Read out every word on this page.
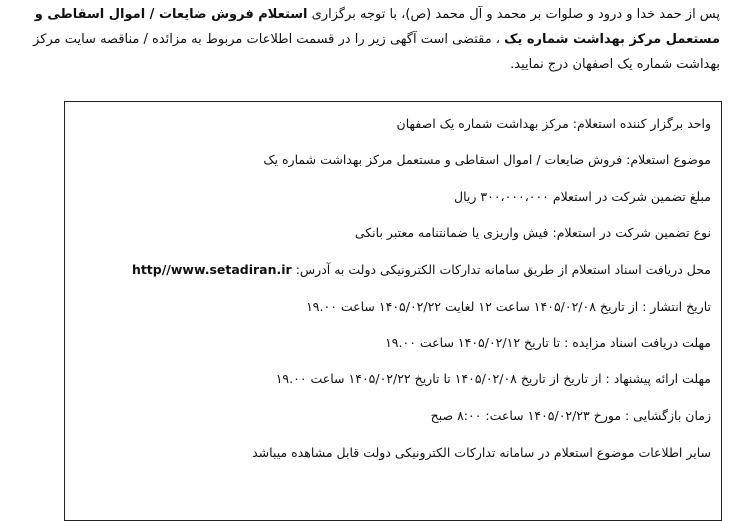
پس از حمد خدا و درود و صلوات بر محمد و آل محمد (ص)، با توجه برگزاری استعلام فروش ضایعات / اموال اسقاطی و
مستعمل مرکز بهداشت شماره یک ، مقتضی است آگهی زیر را در قسمت اطلاعات مربوط به مزائده / مناقصه سایت مرکز
بهداشت شماره یک اصفهان درج نمایید.
واحد برگزار کننده استعلام: مرکز بهداشت شماره یک اصفهان
موضوع استعلام: فروش ضایعات / اموال اسقاطی و مستعمل مرکز بهداشت شماره یک
مبلغ تضمین شرکت در استعلام ۳۰۰،۰۰۰،۰۰۰ ریال
نوع تضمین شرکت در استعلام: فیش واریزی یا ضمانتنامه معتبر بانکی
محل دریافت اسناد استعلام از طریق سامانه تدارکات الکترونیکی دولت به آدرس: http//www.setadiran.ir
تاریخ انتشار : از تاریخ ۱۴۰۵/۰۲/۰۸ ساعت ۱۲ لغایت ۱۴۰۵/۰۲/۲۲ ساعت ۱۹.۰۰
مهلت دریافت اسناد مزایده : تا تاریخ ۱۴۰۵/۰۲/۱۲ ساعت ۱۹.۰۰
مهلت ارائه پیشنهاد : از تاریخ از تاریخ ۱۴۰۵/۰۲/۰۸ تا تاریخ ۱۴۰۵/۰۲/۲۲ ساعت ۱۹.۰۰
زمان بازگشایی : مورخ ۱۴۰۵/۰۲/۲۳ ساعت: ۸:۰۰ صبح
سایر اطلاعات موضوع استعلام در سامانه تدارکات الکترونیکی دولت قابل مشاهده میباشد
